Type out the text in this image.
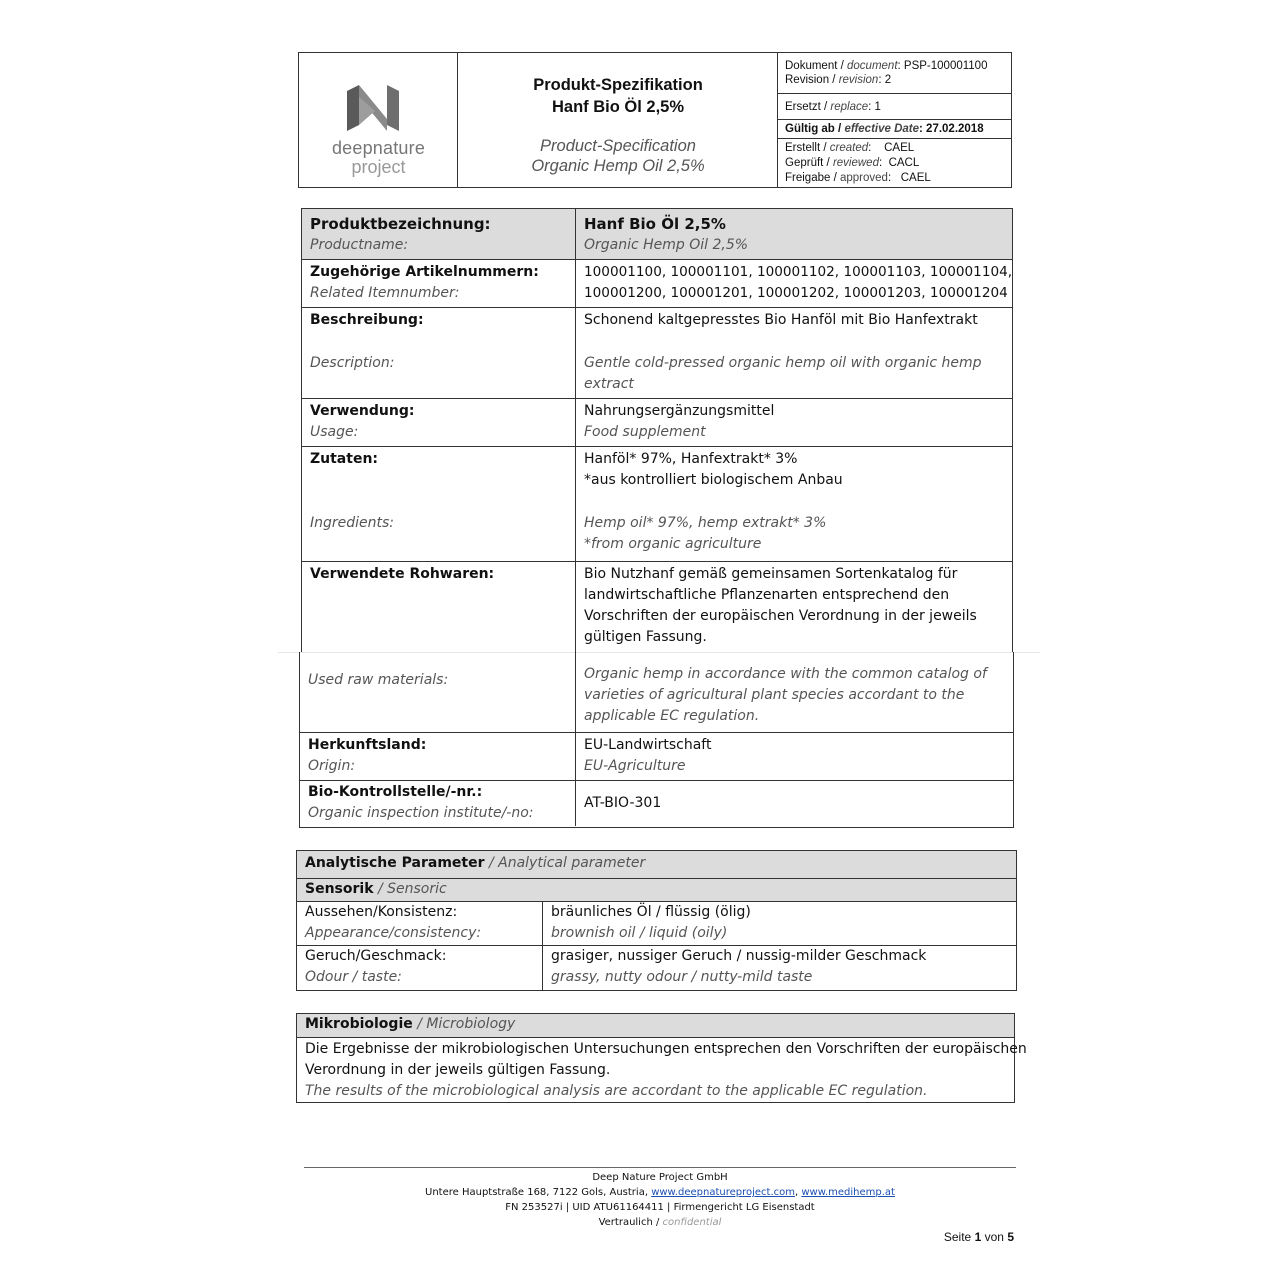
deepnature
project
Produkt-Spezifikation
Hanf Bio Öl 2,5%
Product-Specification
Organic Hemp Oil 2,5%
Dokument / document: PSP-100001100
Revision / revision: 2
Ersetzt / replace: 1
Gültig ab / effective Date: 27.02.2018
Erstellt / created:    CAEL
Geprüft / reviewed:  CACL
Freigabe / approved:   CAEL
Produktbezeichnung:
Productname:
Hanf Bio Öl 2,5%
Organic Hemp Oil 2,5%
Zugehörige Artikelnummern:
Related Itemnumber:
100001100, 100001101, 100001102, 100001103, 100001104,
100001200, 100001201, 100001202, 100001203, 100001204
Beschreibung:
Description:
Schonend kaltgepresstes Bio Hanföl mit Bio Hanfextrakt
Gentle cold-pressed organic hemp oil with organic hemp
extract
Verwendung:
Usage:
Nahrungsergänzungsmittel
Food supplement
Zutaten:
Ingredients:
Hanföl* 97%, Hanfextrakt* 3%
*aus kontrolliert biologischem Anbau
Hemp oil* 97%, hemp extrakt* 3%
*from organic agriculture
Verwendete Rohwaren:	Bio Nutzhanf gemäß gemeinsamen Sortenkatalog für
landwirtschaftliche Pflanzenarten entsprechend den
Vorschriften der europäischen Verordnung in der jeweils
gültigen Fassung.
Used raw materials:	Organic hemp in accordance with the common catalog of
varieties of agricultural plant species accordant to the
applicable EC regulation.
Herkunftsland:
Origin:
EU-Landwirtschaft
EU-Agriculture
Bio-Kontrollstelle/-nr.:
Organic inspection institute/-no:
AT-BIO-301
Analytische Parameter / Analytical parameter
Sensorik / Sensoric
Aussehen/Konsistenz:
Appearance/consistency:
bräunliches Öl / flüssig (ölig)
brownish oil / liquid (oily)
Geruch/Geschmack:
Odour / taste:
grasiger, nussiger Geruch / nussig-milder Geschmack
grassy, nutty odour / nutty-mild taste
Mikrobiologie / Microbiology
Die Ergebnisse der mikrobiologischen Untersuchungen entsprechen den Vorschriften der europäischen
Verordnung in der jeweils gültigen Fassung.
The results of the microbiological analysis are accordant to the applicable EC regulation.
Deep Nature Project GmbH
Untere Hauptstraße 168, 7122 Gols, Austria, www.deepnatureproject.com, www.medihemp.at
FN 253527i | UID ATU61164411 | Firmengericht LG Eisenstadt
Vertraulich / confidential
Seite 1 von 5
